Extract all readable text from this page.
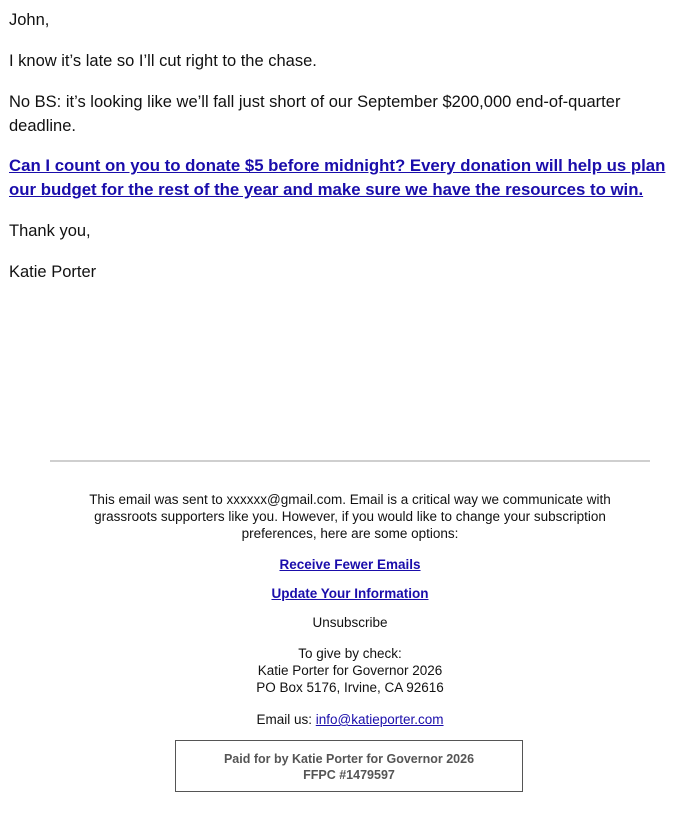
John,

I know it’s late so I’ll cut right to the chase.

No BS: it’s looking like we’ll fall just short of our September $200,000 end-of-quarter deadline.

Can I count on you to donate $5 before midnight? Every donation will help us plan our budget for the rest of the year and make sure we have the resources to win.

Thank you,

Katie Porter

This email was sent to xxxxxx@gmail.com. Email is a critical way we communicate with grassroots supporters like you. However, if you would like to change your subscription preferences, here are some options:
Receive Fewer Emails
Update Your Information
Unsubscribe
To give by check:
Katie Porter for Governor 2026
PO Box 5176, Irvine, CA 92616
Email us: info@katieporter.com
Paid for by Katie Porter for Governor 2026
FFPC #1479597
